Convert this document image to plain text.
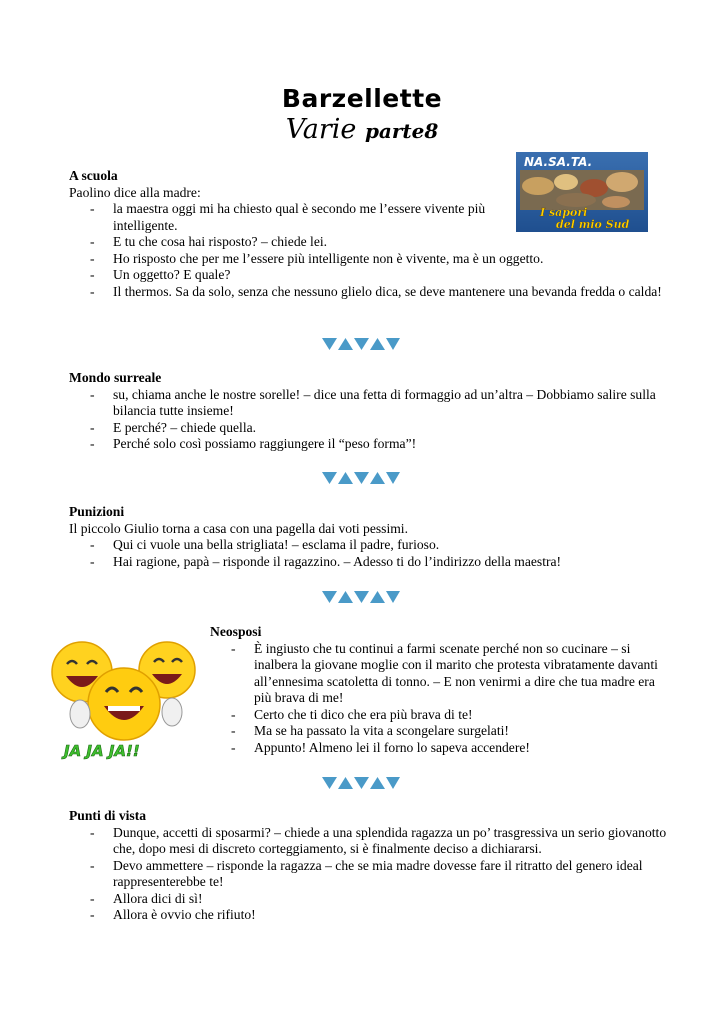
Barzellette
Varie parte8
NA.SA.TA.
I sapori
del mio Sud
A scuola
Paolino dice alla madre:
- la maestra oggi mi ha chiesto qual è secondo me l’essere vivente più intelligente.
- E tu che cosa hai risposto? – chiede lei.
- Ho risposto che per me l’essere più intelligente non è vivente, ma è un oggetto.
- Un oggetto? E quale?
- Il thermos. Sa da solo, senza che nessuno glielo dica, se deve mantenere una bevanda fredda o calda!
Mondo surreale
- su, chiama anche le nostre sorelle! – dice una fetta di formaggio ad un’altra – Dobbiamo salire sulla bilancia tutte insieme!
- E perché? – chiede quella.
- Perché solo così possiamo raggiungere il “peso forma”!
Punizioni
Il piccolo Giulio torna a casa con una pagella dai voti pessimi.
- Qui ci vuole una bella strigliata! – esclama il padre, furioso.
- Hai ragione, papà – risponde il ragazzino. – Adesso ti do l’indirizzo della maestra!
JA JA JA!!
Neosposi
- È ingiusto che tu continui a farmi scenate perché non so cucinare – si inalbera la giovane moglie con il marito che protesta vibratamente davanti all’ennesima scatoletta di tonno. – E non venirmi a dire che tua madre era più brava di me!
- Certo che ti dico che era più brava di te!
- Ma se ha passato la vita a scongelare surgelati!
- Appunto! Almeno lei il forno lo sapeva accendere!
Punti di vista
- Dunque, accetti di sposarmi? – chiede a una splendida ragazza un po’ trasgressiva un serio giovanotto che, dopo mesi di discreto corteggiamento, si è finalmente deciso a dichiararsi.
- Devo ammettere – risponde la ragazza – che se mia madre dovesse fare il ritratto del genero ideal rappresenterebbe te!
- Allora dici di sì!
- Allora è ovvio che rifiuto!
